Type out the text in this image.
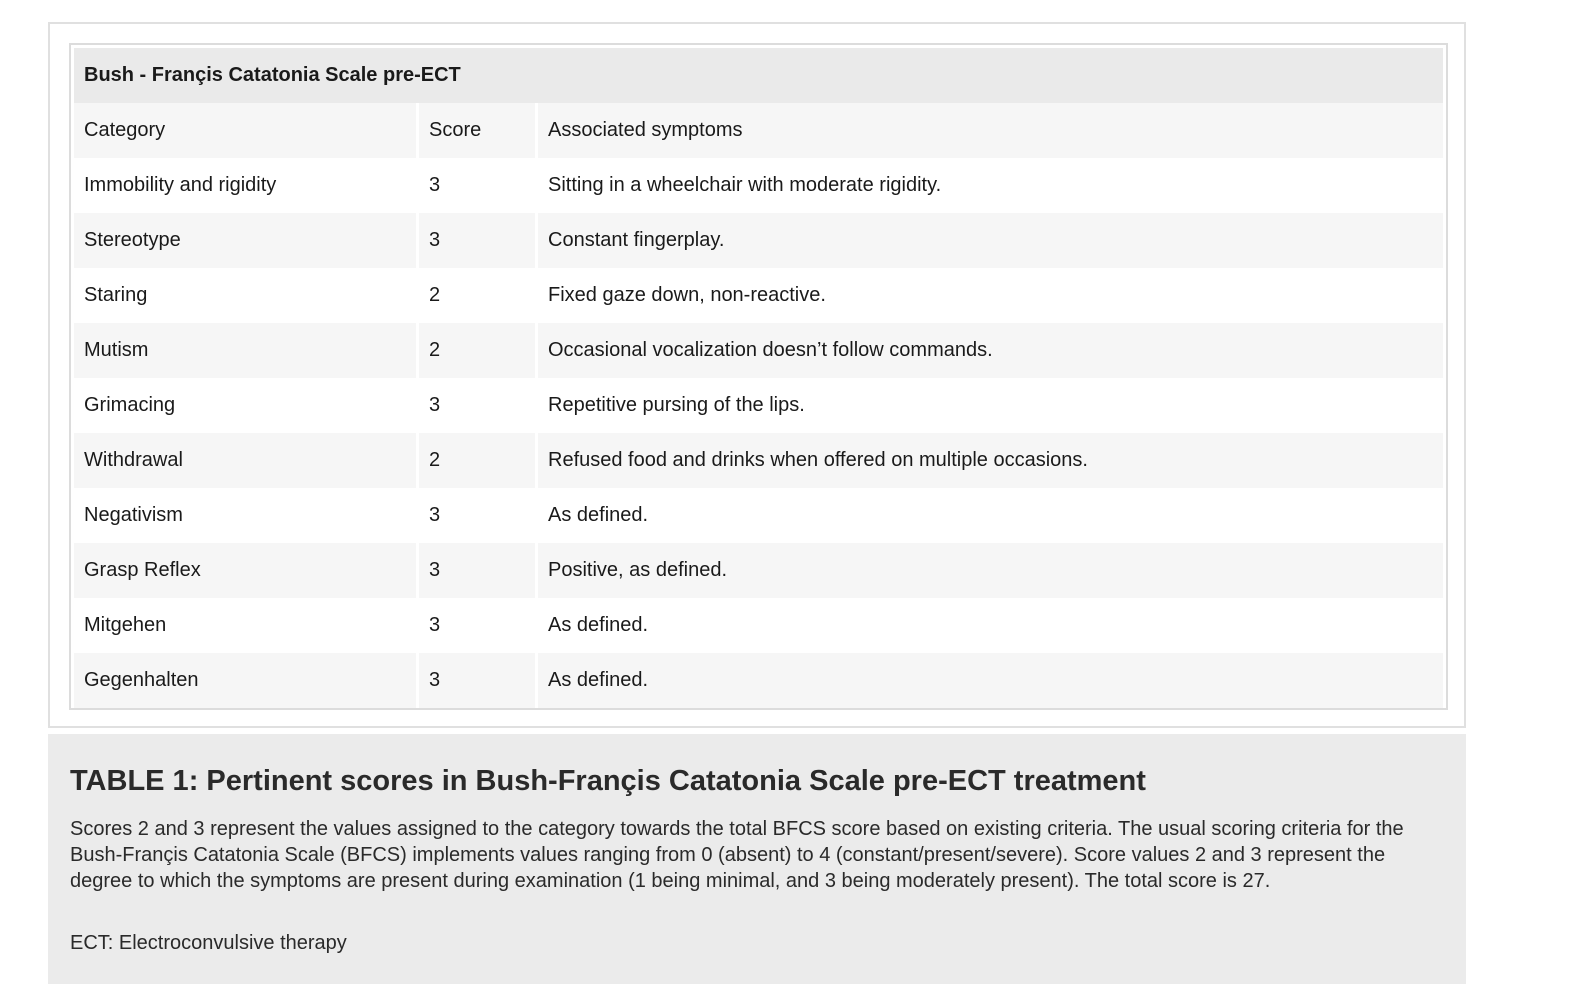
Bush - Françis Catatonia Scale pre-ECT		
Category	Score	Associated symptoms
Immobility and rigidity	3	Sitting in a wheelchair with moderate rigidity.
Stereotype	3	Constant fingerplay.
Staring	2	Fixed gaze down, non-reactive.
Mutism	2	Occasional vocalization doesn’t follow commands.
Grimacing	3	Repetitive pursing of the lips.
Withdrawal	2	Refused food and drinks when offered on multiple occasions.
Negativism	3	As defined.
Grasp Reflex	3	Positive, as defined.
Mitgehen	3	As defined.
Gegenhalten	3	As defined.
TABLE 1: Pertinent scores in Bush-Françis Catatonia Scale pre-ECT treatment

Scores 2 and 3 represent the values assigned to the category towards the total BFCS score based on existing criteria. The usual scoring criteria for the Bush-Françis Catatonia Scale (BFCS) implements values ranging from 0 (absent) to 4 (constant/present/severe). Score values 2 and 3 represent the degree to which the symptoms are present during examination (1 being minimal, and 3 being moderately present). The total score is 27.

ECT: Electroconvulsive therapy
